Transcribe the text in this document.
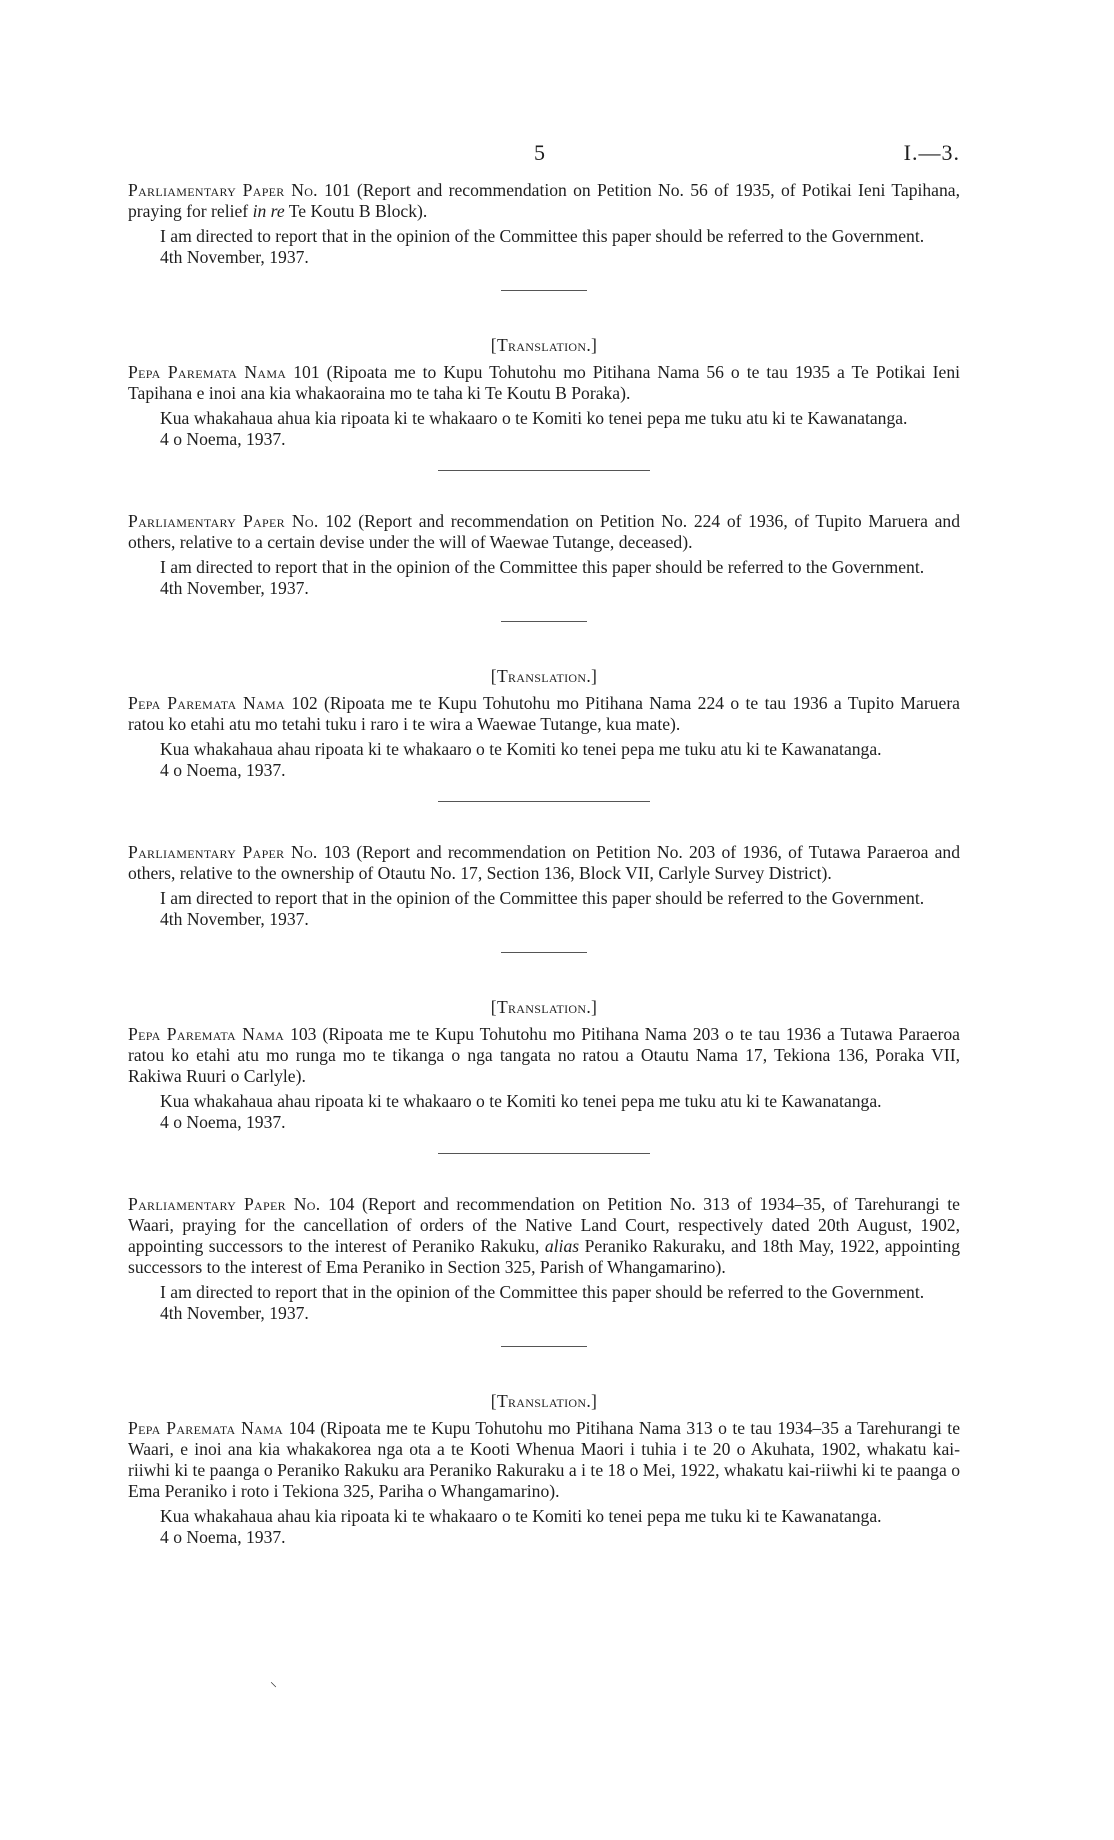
5	I.—3.

Parliamentary Paper No. 101 (Report and recommendation on Petition No. 56 of 1935, of Potikai Ieni Tapihana, praying for relief in re Te Koutu B Block).

I am directed to report that in the opinion of the Committee this paper should be referred to the Government.

4th November, 1937.

[Translation.]

Pepa Paremata Nama 101 (Ripoata me to Kupu Tohutohu mo Pitihana Nama 56 o te tau 1935 a Te Potikai Ieni Tapihana e inoi ana kia whakaoraina mo te taha ki Te Koutu B Poraka).

Kua whakahaua ahua kia ripoata ki te whakaaro o te Komiti ko tenei pepa me tuku atu ki te Kawanatanga.

4 o Noema, 1937.

Parliamentary Paper No. 102 (Report and recommendation on Petition No. 224 of 1936, of Tupito Maruera and others, relative to a certain devise under the will of Waewae Tutange, deceased).

I am directed to report that in the opinion of the Committee this paper should be referred to the Government.

4th November, 1937.

[Translation.]

Pepa Paremata Nama 102 (Ripoata me te Kupu Tohutohu mo Pitihana Nama 224 o te tau 1936 a Tupito Maruera ratou ko etahi atu mo tetahi tuku i raro i te wira a Waewae Tutange, kua mate).

Kua whakahaua ahau ripoata ki te whakaaro o te Komiti ko tenei pepa me tuku atu ki te Kawanatanga.

4 o Noema, 1937.

Parliamentary Paper No. 103 (Report and recommendation on Petition No. 203 of 1936, of Tutawa Paraeroa and others, relative to the ownership of Otautu No. 17, Section 136, Block VII, Carlyle Survey District).

I am directed to report that in the opinion of the Committee this paper should be referred to the Government.

4th November, 1937.

[Translation.]

Pepa Paremata Nama 103 (Ripoata me te Kupu Tohutohu mo Pitihana Nama 203 o te tau 1936 a Tutawa Paraeroa ratou ko etahi atu mo runga mo te tikanga o nga tangata no ratou a Otautu Nama 17, Tekiona 136, Poraka VII, Rakiwa Ruuri o Carlyle).

Kua whakahaua ahau ripoata ki te whakaaro o te Komiti ko tenei pepa me tuku atu ki te Kawanatanga.

4 o Noema, 1937.

Parliamentary Paper No. 104 (Report and recommendation on Petition No. 313 of 1934–35, of Tarehurangi te Waari, praying for the cancellation of orders of the Native Land Court, respectively dated 20th August, 1902, appointing successors to the interest of Peraniko Rakuku, alias Peraniko Rakuraku, and 18th May, 1922, appointing successors to the interest of Ema Peraniko in Section 325, Parish of Whangamarino).

I am directed to report that in the opinion of the Committee this paper should be referred to the Government.

4th November, 1937.

[Translation.]

Pepa Paremata Nama 104 (Ripoata me te Kupu Tohutohu mo Pitihana Nama 313 o te tau 1934–35 a Tarehurangi te Waari, e inoi ana kia whakakorea nga ota a te Kooti Whenua Maori i tuhia i te 20 o Akuhata, 1902, whakatu kai-riiwhi ki te paanga o Peraniko Rakuku ara Peraniko Rakuraku a i te 18 o Mei, 1922, whakatu kai-riiwhi ki te paanga o Ema Peraniko i roto i Tekiona 325, Pariha o Whangamarino).

Kua whakahaua ahau kia ripoata ki te whakaaro o te Komiti ko tenei pepa me tuku ki te Kawanatanga.

4 o Noema, 1937.

⸌
